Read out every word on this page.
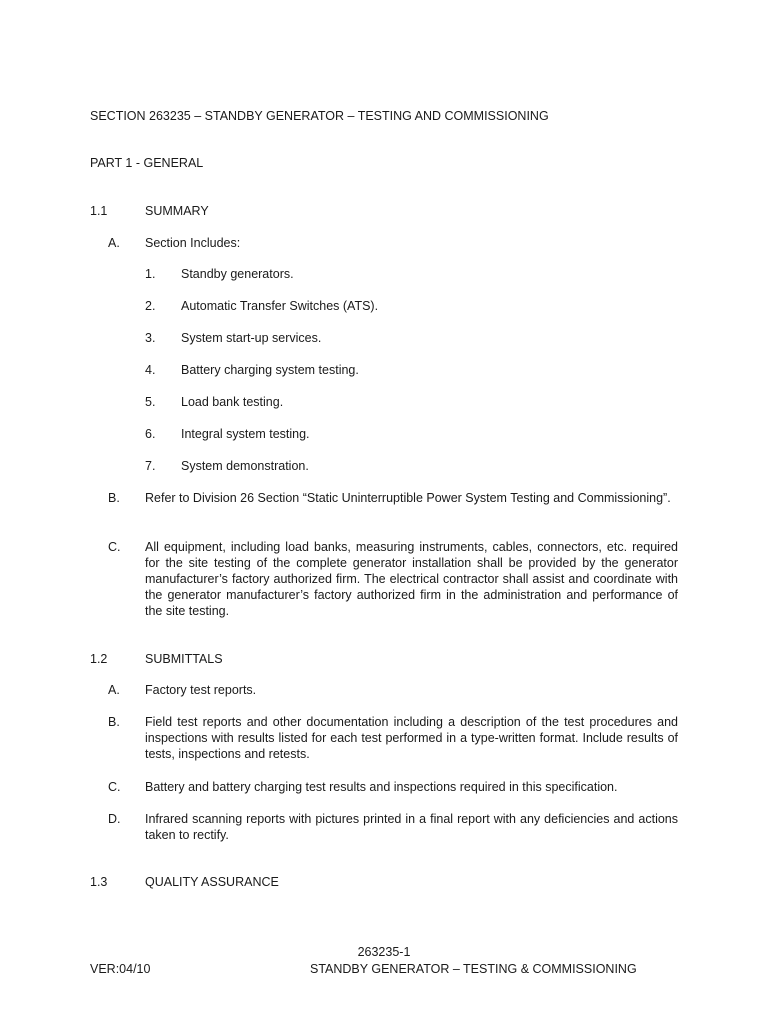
SECTION 263235 – STANDBY GENERATOR – TESTING AND COMMISSIONING
PART 1 - GENERAL
1.1	SUMMARY
A. Section Includes:
1. Standby generators.
2. Automatic Transfer Switches (ATS).
3. System start-up services.
4. Battery charging system testing.
5. Load bank testing.
6. Integral system testing.
7. System demonstration.
B. Refer to Division 26 Section “Static Uninterruptible Power System Testing and Commissioning”.
C. All equipment, including load banks, measuring instruments, cables, connectors, etc. required for the site testing of the complete generator installation shall be provided by the generator manufacturer’s factory authorized firm. The electrical contractor shall assist and coordinate with the generator manufacturer’s factory authorized firm in the administration and performance of the site testing.
1.2	SUBMITTALS
A. Factory test reports.
B. Field test reports and other documentation including a description of the test procedures and inspections with results listed for each test performed in a type-written format. Include results of tests, inspections and retests.
C. Battery and battery charging test results and inspections required in this specification.
D. Infrared scanning reports with pictures printed in a final report with any deficiencies and actions taken to rectify.
1.3	QUALITY ASSURANCE
263235-1
VER:04/10	STANDBY GENERATOR – TESTING & COMMISSIONING
